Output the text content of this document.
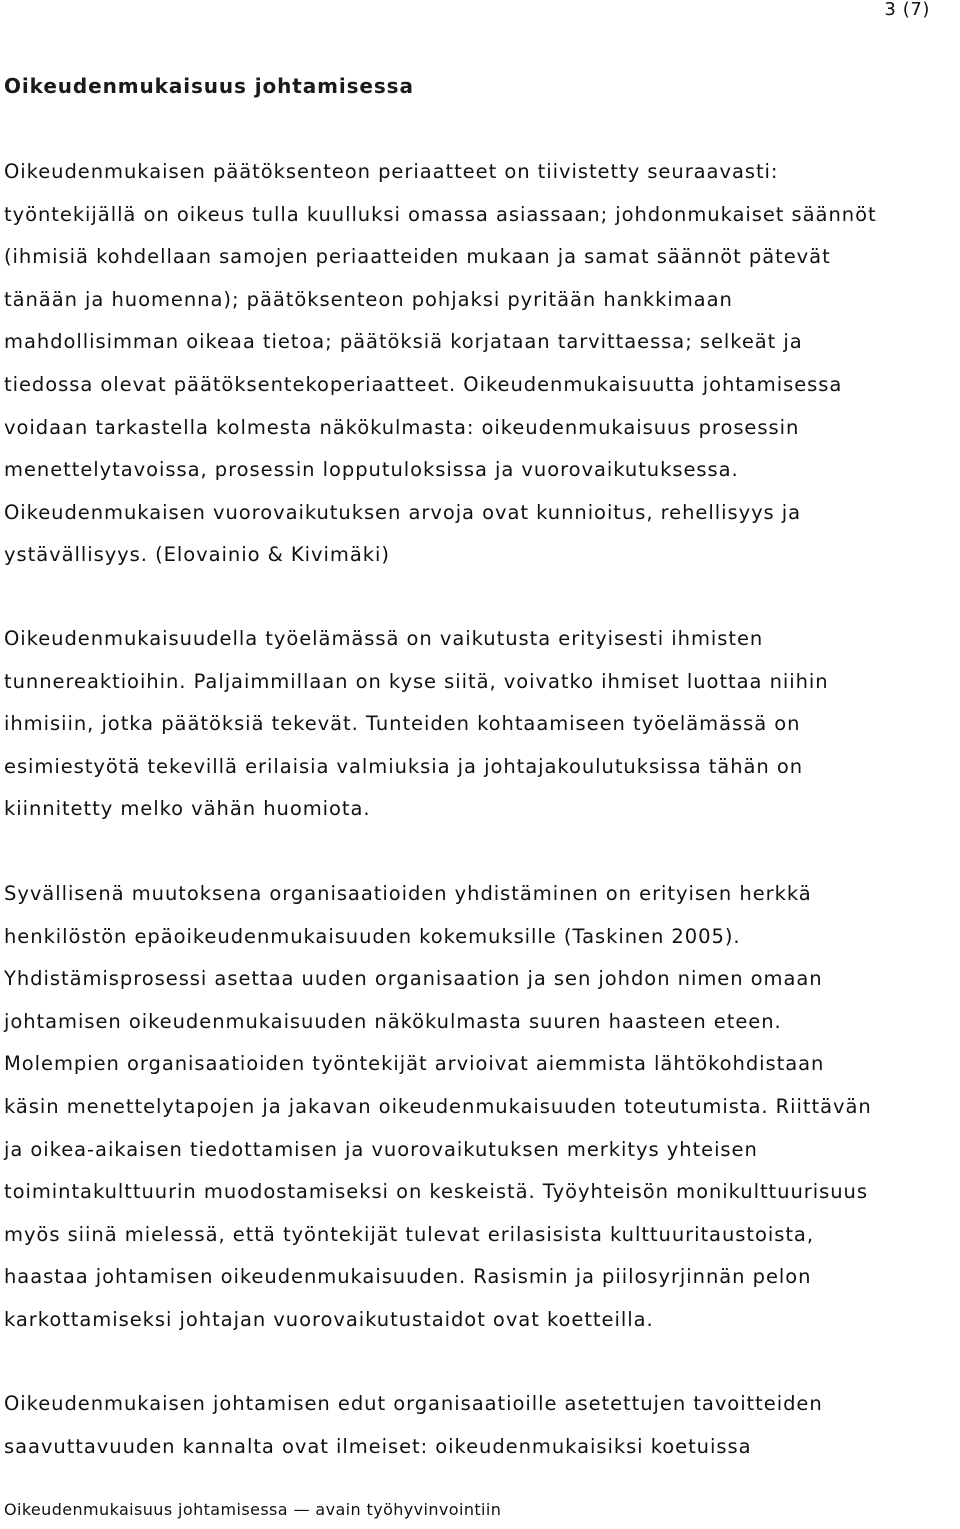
3 (7)
Oikeudenmukaisuus johtamisessa
Oikeudenmukaisen päätöksenteon periaatteet on tiivistetty seuraavasti:
työntekijällä on oikeus tulla kuulluksi omassa asiassaan; johdonmukaiset säännöt
(ihmisiä kohdellaan samojen periaatteiden mukaan ja samat säännöt pätevät
tänään ja huomenna); päätöksenteon pohjaksi pyritään hankkimaan
mahdollisimman oikeaa tietoa; päätöksiä korjataan tarvittaessa; selkeät ja
tiedossa olevat päätöksentekoperiaatteet. Oikeudenmukaisuutta johtamisessa
voidaan tarkastella kolmesta näkökulmasta: oikeudenmukaisuus prosessin
menettelytavoissa, prosessin lopputuloksissa ja vuorovaikutuksessa.
Oikeudenmukaisen vuorovaikutuksen arvoja ovat kunnioitus, rehellisyys ja
ystävällisyys. (Elovainio & Kivimäki)
Oikeudenmukaisuudella työelämässä on vaikutusta erityisesti ihmisten
tunnereaktioihin. Paljaimmillaan on kyse siitä, voivatko ihmiset luottaa niihin
ihmisiin, jotka päätöksiä tekevät. Tunteiden kohtaamiseen työelämässä on
esimiestyötä tekevillä erilaisia valmiuksia ja johtajakoulutuksissa tähän on
kiinnitetty melko vähän huomiota.
Syvällisenä muutoksena organisaatioiden yhdistäminen on erityisen herkkä
henkilöstön epäoikeudenmukaisuuden kokemuksille (Taskinen 2005).
Yhdistämisprosessi asettaa uuden organisaation ja sen johdon nimen omaan
johtamisen oikeudenmukaisuuden näkökulmasta suuren haasteen eteen.
Molempien organisaatioiden työntekijät arvioivat aiemmista lähtökohdistaan
käsin menettelytapojen ja jakavan oikeudenmukaisuuden toteutumista. Riittävän
ja oikea-aikaisen tiedottamisen ja vuorovaikutuksen merkitys yhteisen
toimintakulttuurin muodostamiseksi on keskeistä. Työyhteisön monikulttuurisuus
myös siinä mielessä, että työntekijät tulevat erilasisista kulttuuritaustoista,
haastaa johtamisen oikeudenmukaisuuden. Rasismin ja piilosyrjinnän pelon
karkottamiseksi johtajan vuorovaikutustaidot ovat koetteilla.
Oikeudenmukaisen johtamisen edut organisaatioille asetettujen tavoitteiden
saavuttavuuden kannalta ovat ilmeiset: oikeudenmukaisiksi koetuissa
Oikeudenmukaisuus johtamisessa — avain työhyvinvointiin
